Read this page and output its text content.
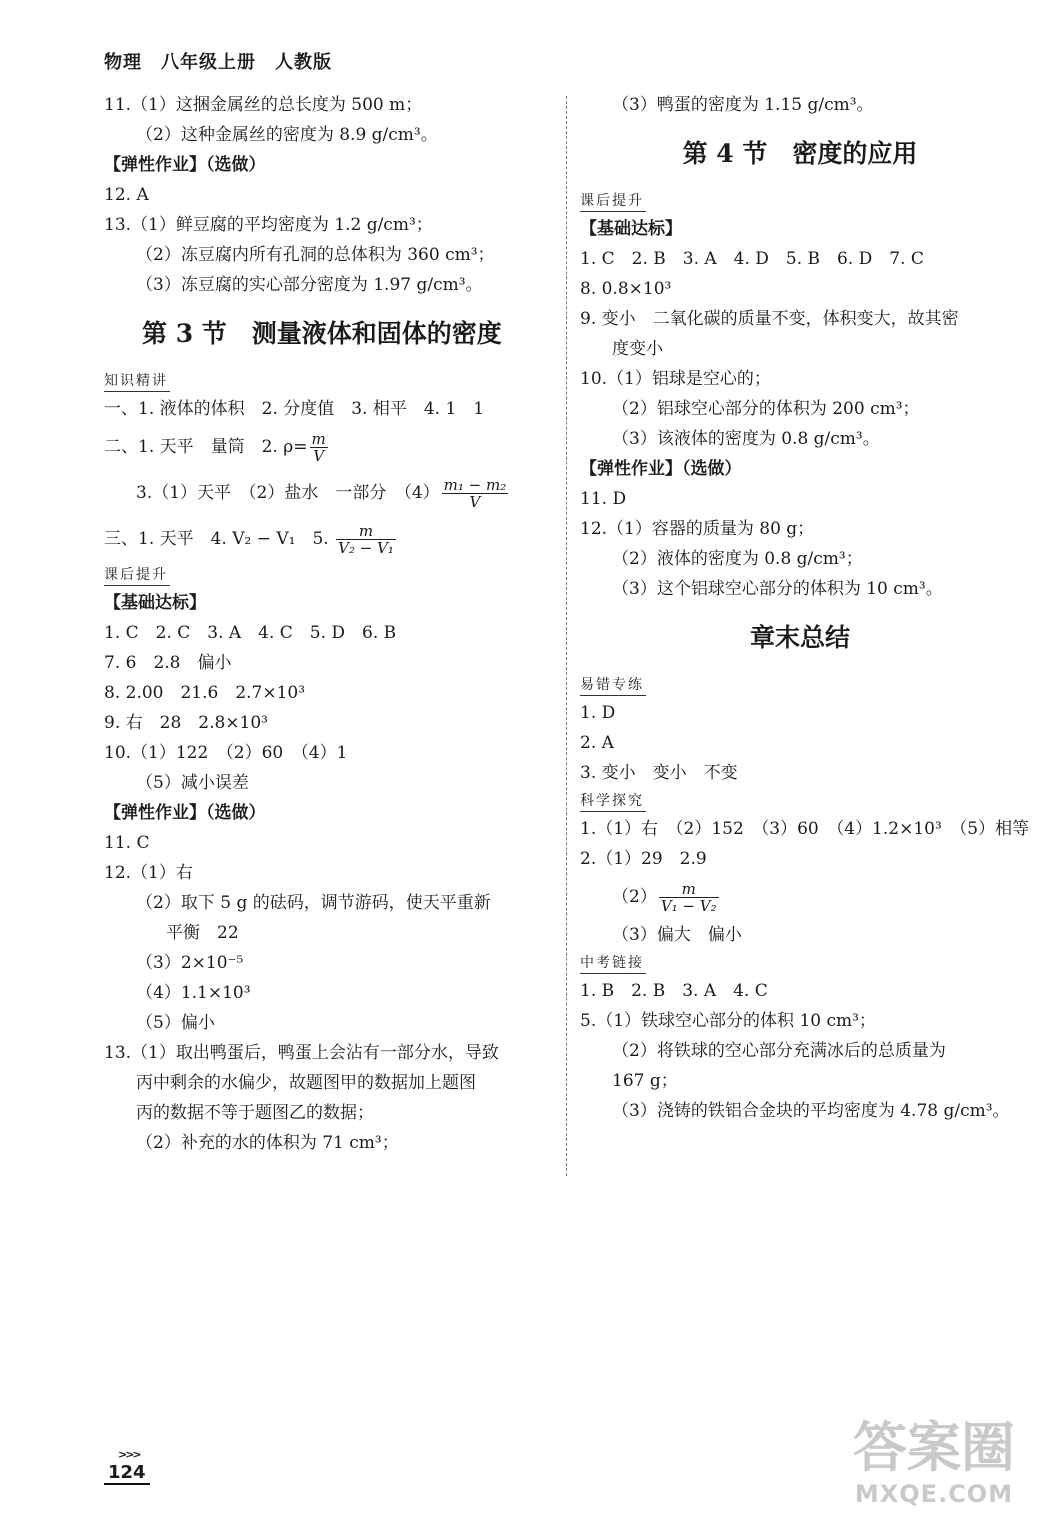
物理　八年级上册　人教版
11.（1）这捆金属丝的总长度为 500 m；
（2）这种金属丝的密度为 8.9 g/cm³。
【弹性作业】（选做）
12. A
13.（1）鲜豆腐的平均密度为 1.2 g/cm³；
（2）冻豆腐内所有孔洞的总体积为 360 cm³；
（3）冻豆腐的实心部分密度为 1.97 g/cm³。
第 3 节　测量液体和固体的密度
知识精讲
一、1. 液体的体积　2. 分度值　3. 相平　4. 1　1
二、1. 天平　量筒　2. $\rho= \frac{m}{V}$
3.（1）天平　（2）盐水　一部分　$(4) \frac{\text{m₁ − m₂}}{V}$
三、1. 天平　4. V₂ − V₁　5. $\frac{m}{\text{V₂ − V₁}}$
课后提升
【基础达标】
1. C　2. C　3. A　4. C　5. D　6. B
7. 6　2.8　偏小
8. 2.00　21.6　2.7×10³
9. 右　28　2.8×10³
10.（1）122　（2）60　（4）1
（5）减小误差
【弹性作业】（选做）
11. C
12.（1）右
（2）取下 5 g 的砝码，调节游码，使天平重新
平衡　22
（3）2×10⁻⁵
（4）1.1×10³
（5）偏小
13.（1）取出鸭蛋后，鸭蛋上会沾有一部分水，导致
丙中剩余的水偏少，故题图甲的数据加上题图
丙的数据不等于题图乙的数据；
（2）补充的水的体积为 71 cm³；
（3）鸭蛋的密度为 1.15 g/cm³。
第 4 节　密度的应用
课后提升
【基础达标】
1. C　2. B　3. A　4. D　5. B　6. D　7. C
8. 0.8×10³
9. 变小　二氧化碳的质量不变，体积变大，故其密
度变小
10.（1）铝球是空心的；
（2）铝球空心部分的体积为 200 cm³；
（3）该液体的密度为 0.8 g/cm³。
【弹性作业】（选做）
11. D
12.（1）容器的质量为 80 g；
（2）液体的密度为 0.8 g/cm³；
（3）这个铝球空心部分的体积为 10 cm³。
章末总结
易错专练
1. D
2. A
3. 变小　变小　不变
科学探究
1.（1）右　（2）152　（3）60　（4）1.2×10³　（5）相等
2.（1）29　2.9
$(2) \frac{m}{\text{V₁ − V₂}}$
（3）偏大　偏小
中考链接
1. B　2. B　3. A　4. C
5.（1）铁球空心部分的体积 10 cm³；
（2）将铁球的空心部分充满冰后的总质量为
167 g；
（3）浇铸的铁铝合金块的平均密度为 4.78 g/cm³。
>>>
124	答案圈
MXQE.COM
